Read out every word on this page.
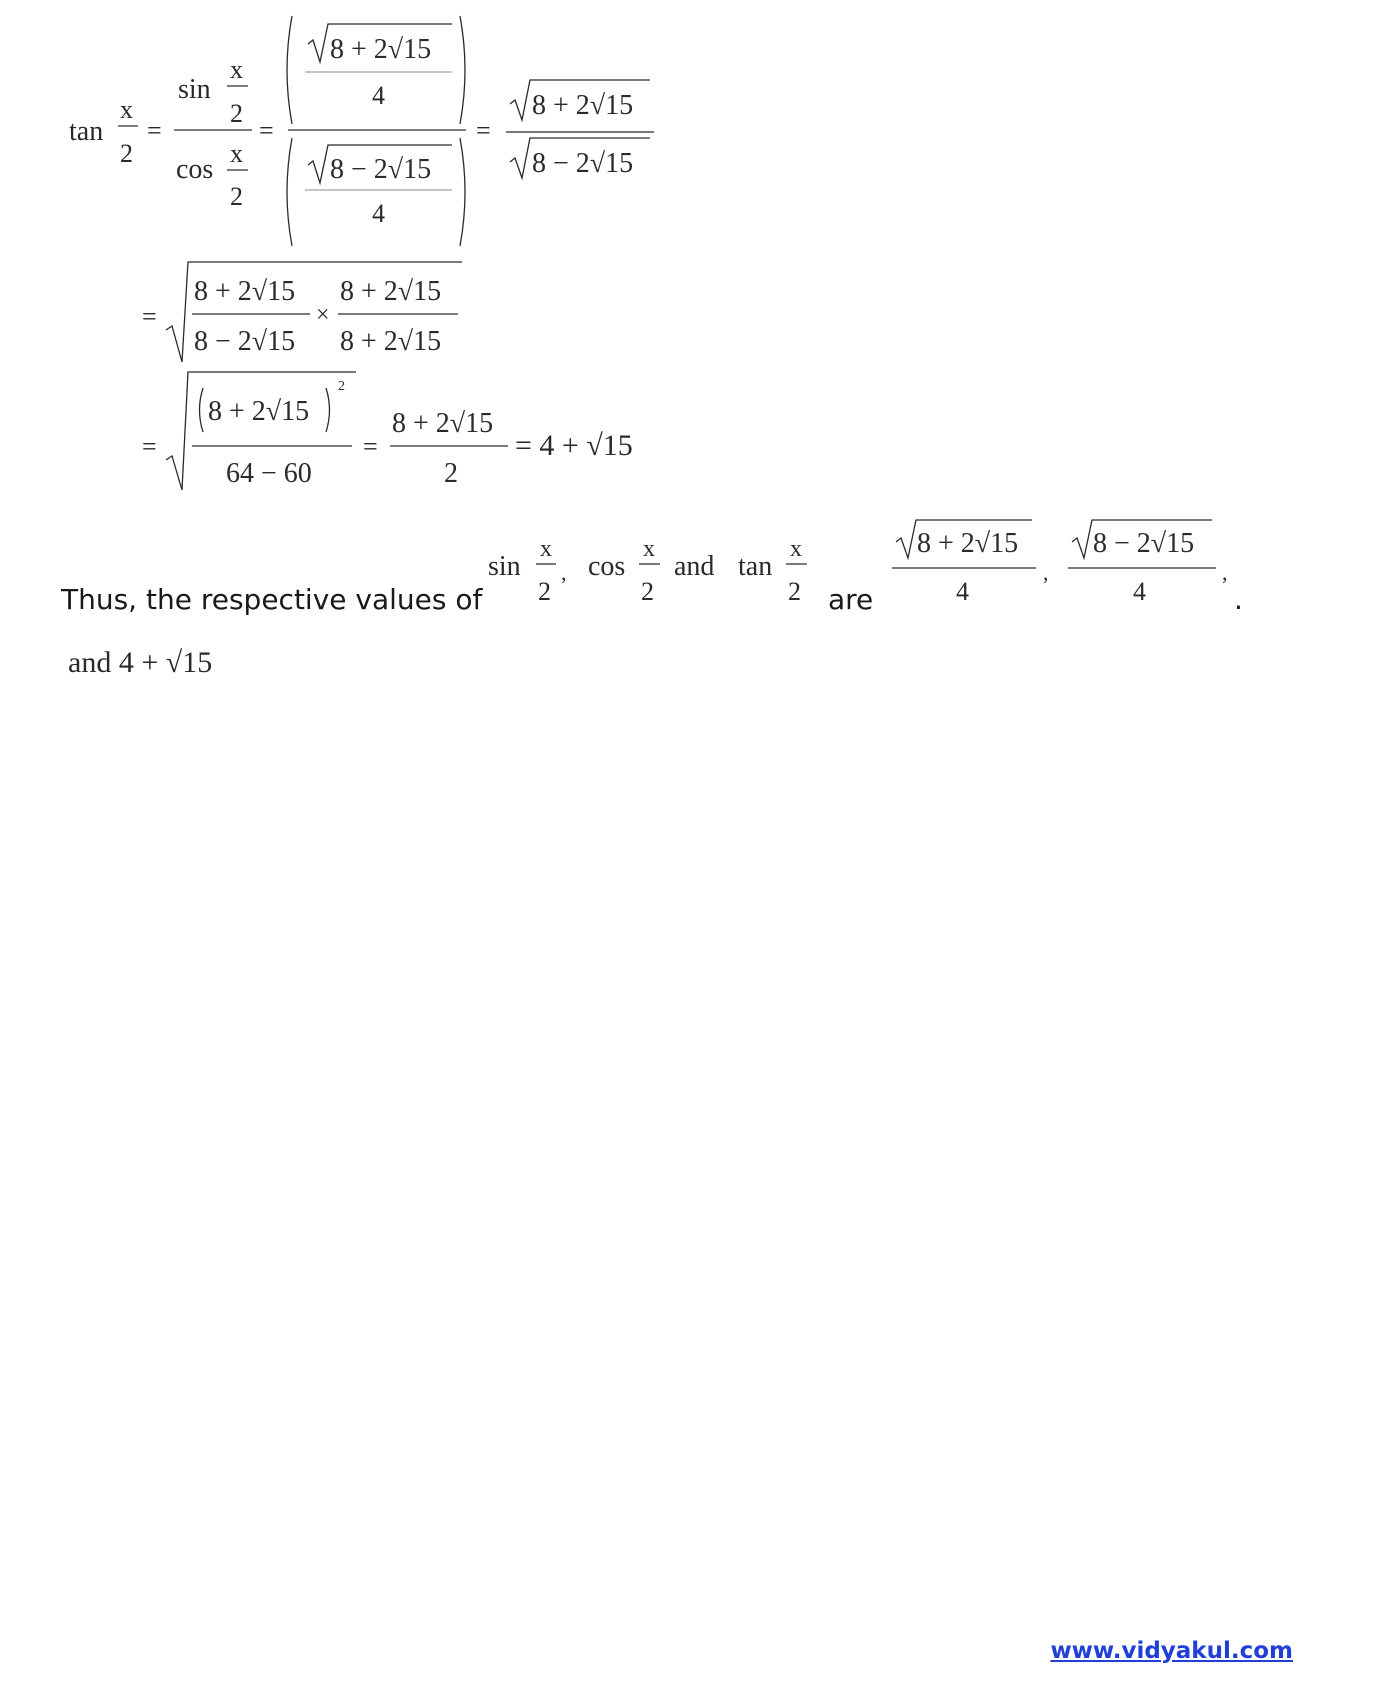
tan
x
2
=
sin
x
2
cos
x
2
=
8 + 2√15
4
8 − 2√15
4
=
8 + 2√15
8 − 2√15
=
8 + 2√15
8 − 2√15
×
8 + 2√15
8 + 2√15
=
8 + 2√15
2
64 − 60
=
8 + 2√15
2
= 4 + √15
sin
x
2
, cos
x
2
and tan
x
2
8 + 2√15
4
,
8 − 2√15
4
,
and 4 + √15
Thus, the respective values of	are	.
www.vidyakul.com
